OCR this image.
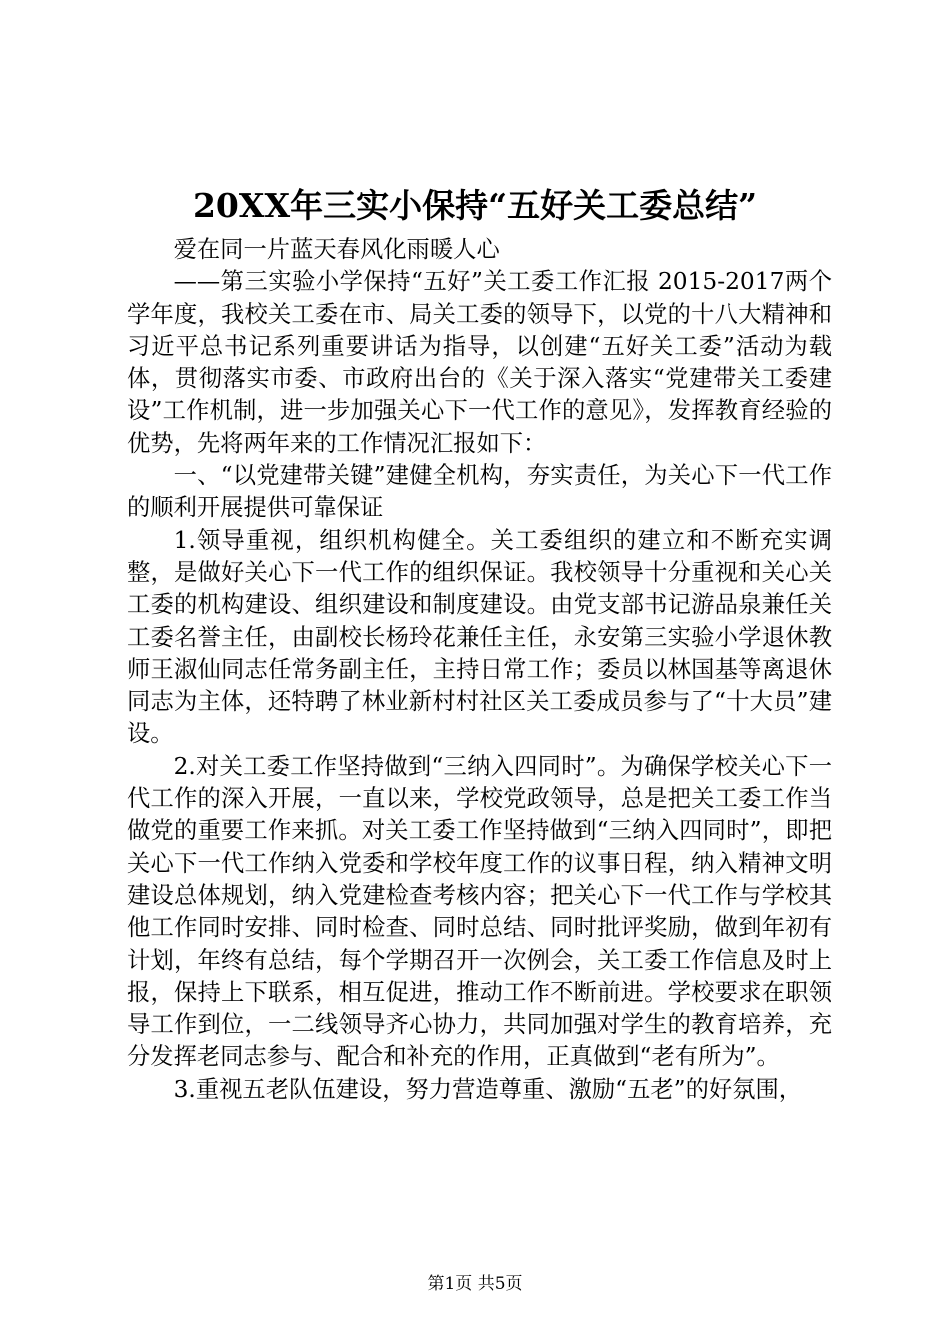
20XX年三实小保持“五好关工委总结”

爱在同一片蓝天春风化雨暖人心

——第三实验小学保持“五好”关工委工作汇报 2015-2017两个学年度，我校关工委在市、局关工委的领导下，以党的十八大精神和习近平总书记系列重要讲话为指导，以创建“五好关工委”活动为载体，贯彻落实市委、市政府出台的《关于深入落实“党建带关工委建设”工作机制，进一步加强关心下一代工作的意见》，发挥教育经验的优势，先将两年来的工作情况汇报如下：

一、“以党建带关键”建健全机构，夯实责任，为关心下一代工作的顺利开展提供可靠保证

1.领导重视，组织机构健全。关工委组织的建立和不断充实调整，是做好关心下一代工作的组织保证。我校领导十分重视和关心关工委的机构建设、组织建设和制度建设。由党支部书记游品泉兼任关工委名誉主任，由副校长杨玲花兼任主任，永安第三实验小学退休教师王淑仙同志任常务副主任，主持日常工作；委员以林国基等离退休同志为主体，还特聘了林业新村村社区关工委成员参与了“十大员”建设。

2.对关工委工作坚持做到“三纳入四同时”。为确保学校关心下一代工作的深入开展，一直以来，学校党政领导，总是把关工委工作当做党的重要工作来抓。对关工委工作坚持做到“三纳入四同时”，即把关心下一代工作纳入党委和学校年度工作的议事日程，纳入精神文明建设总体规划，纳入党建检查考核内容；把关心下一代工作与学校其他工作同时安排、同时检查、同时总结、同时批评奖励，做到年初有计划，年终有总结，每个学期召开一次例会，关工委工作信息及时上报，保持上下联系，相互促进，推动工作不断前进。学校要求在职领导工作到位，一二线领导齐心协力，共同加强对学生的教育培养，充分发挥老同志参与、配合和补充的作用，正真做到“老有所为”。

3.重视五老队伍建设，努力营造尊重、激励“五老”的好氛围，

第1页 共5页
